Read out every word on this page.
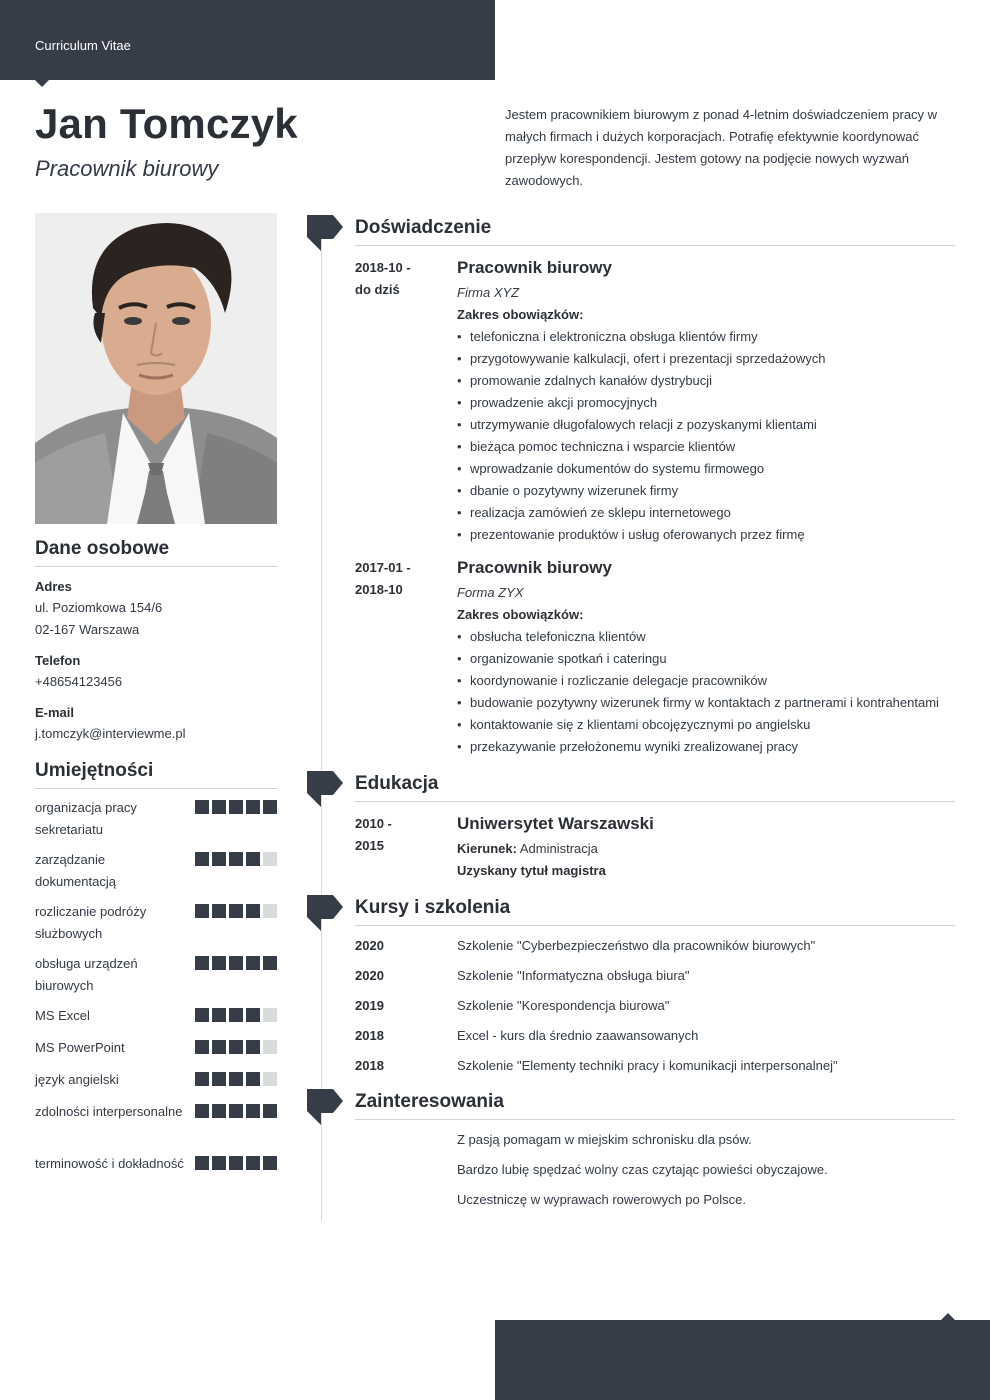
Curriculum Vitae
Jan Tomczyk

Pracownik biurowy

Jestem pracownikiem biurowym z ponad 4-letnim doświadczeniem pracy w małych firmach i dużych korporacjach. Potrafię efektywnie koordynować przepływ korespondencji. Jestem gotowy na podjęcie nowych wyzwań zawodowych.

Dane osobowe
Adres
ul. Poziomkowa 154/6
02-167 Warszawa
Telefon
+48654123456
E-mail
j.tomczyk@interviewme.pl
Umiejętności
organizacja pracy sekretariatu
zarządzanie dokumentacją
rozliczanie podróży służbowych
obsługa urządzeń biurowych
MS Excel
MS PowerPoint
język angielski
zdolności interpersonalne
terminowość i dokładność
Doświadczenie
2018-10 -
do dziś
Pracownik biurowy
Firma XYZ
Zakres obowiązków:
• telefoniczna i elektroniczna obsługa klientów firmy
• przygotowywanie kalkulacji, ofert i prezentacji sprzedażowych
• promowanie zdalnych kanałów dystrybucji
• prowadzenie akcji promocyjnych
• utrzymywanie długofalowych relacji z pozyskanymi klientami
• bieżąca pomoc techniczna i wsparcie klientów
• wprowadzanie dokumentów do systemu firmowego
• dbanie o pozytywny wizerunek firmy
• realizacja zamówień ze sklepu internetowego
• prezentowanie produktów i usług oferowanych przez firmę
2017-01 -
2018-10
Pracownik biurowy
Forma ZYX
Zakres obowiązków:
• obsłucha telefoniczna klientów
• organizowanie spotkań i cateringu
• koordynowanie i rozliczanie delegacje pracowników
• budowanie pozytywny wizerunek firmy w kontaktach z partnerami i kontrahentami
• kontaktowanie się z klientami obcojęzycznymi po angielsku
• przekazywanie przełożonemu wyniki zrealizowanej pracy
Edukacja
2010 -
2015
Uniwersytet Warszawski
Kierunek: Administracja
Uzyskany tytuł magistra
Kursy i szkolenia
2020	Szkolenie "Cyberbezpieczeństwo dla pracowników biurowych"
2020	Szkolenie "Informatyczna obsługa biura"
2019	Szkolenie "Korespondencja biurowa"
2018	Excel - kurs dla średnio zaawansowanych
2018	Szkolenie "Elementy techniki pracy i komunikacji interpersonalnej"
Zainteresowania
Z pasją pomagam w miejskim schronisku dla psów.
Bardzo lubię spędzać wolny czas czytając powieści obyczajowe.
Uczestniczę w wyprawach rowerowych po Polsce.
